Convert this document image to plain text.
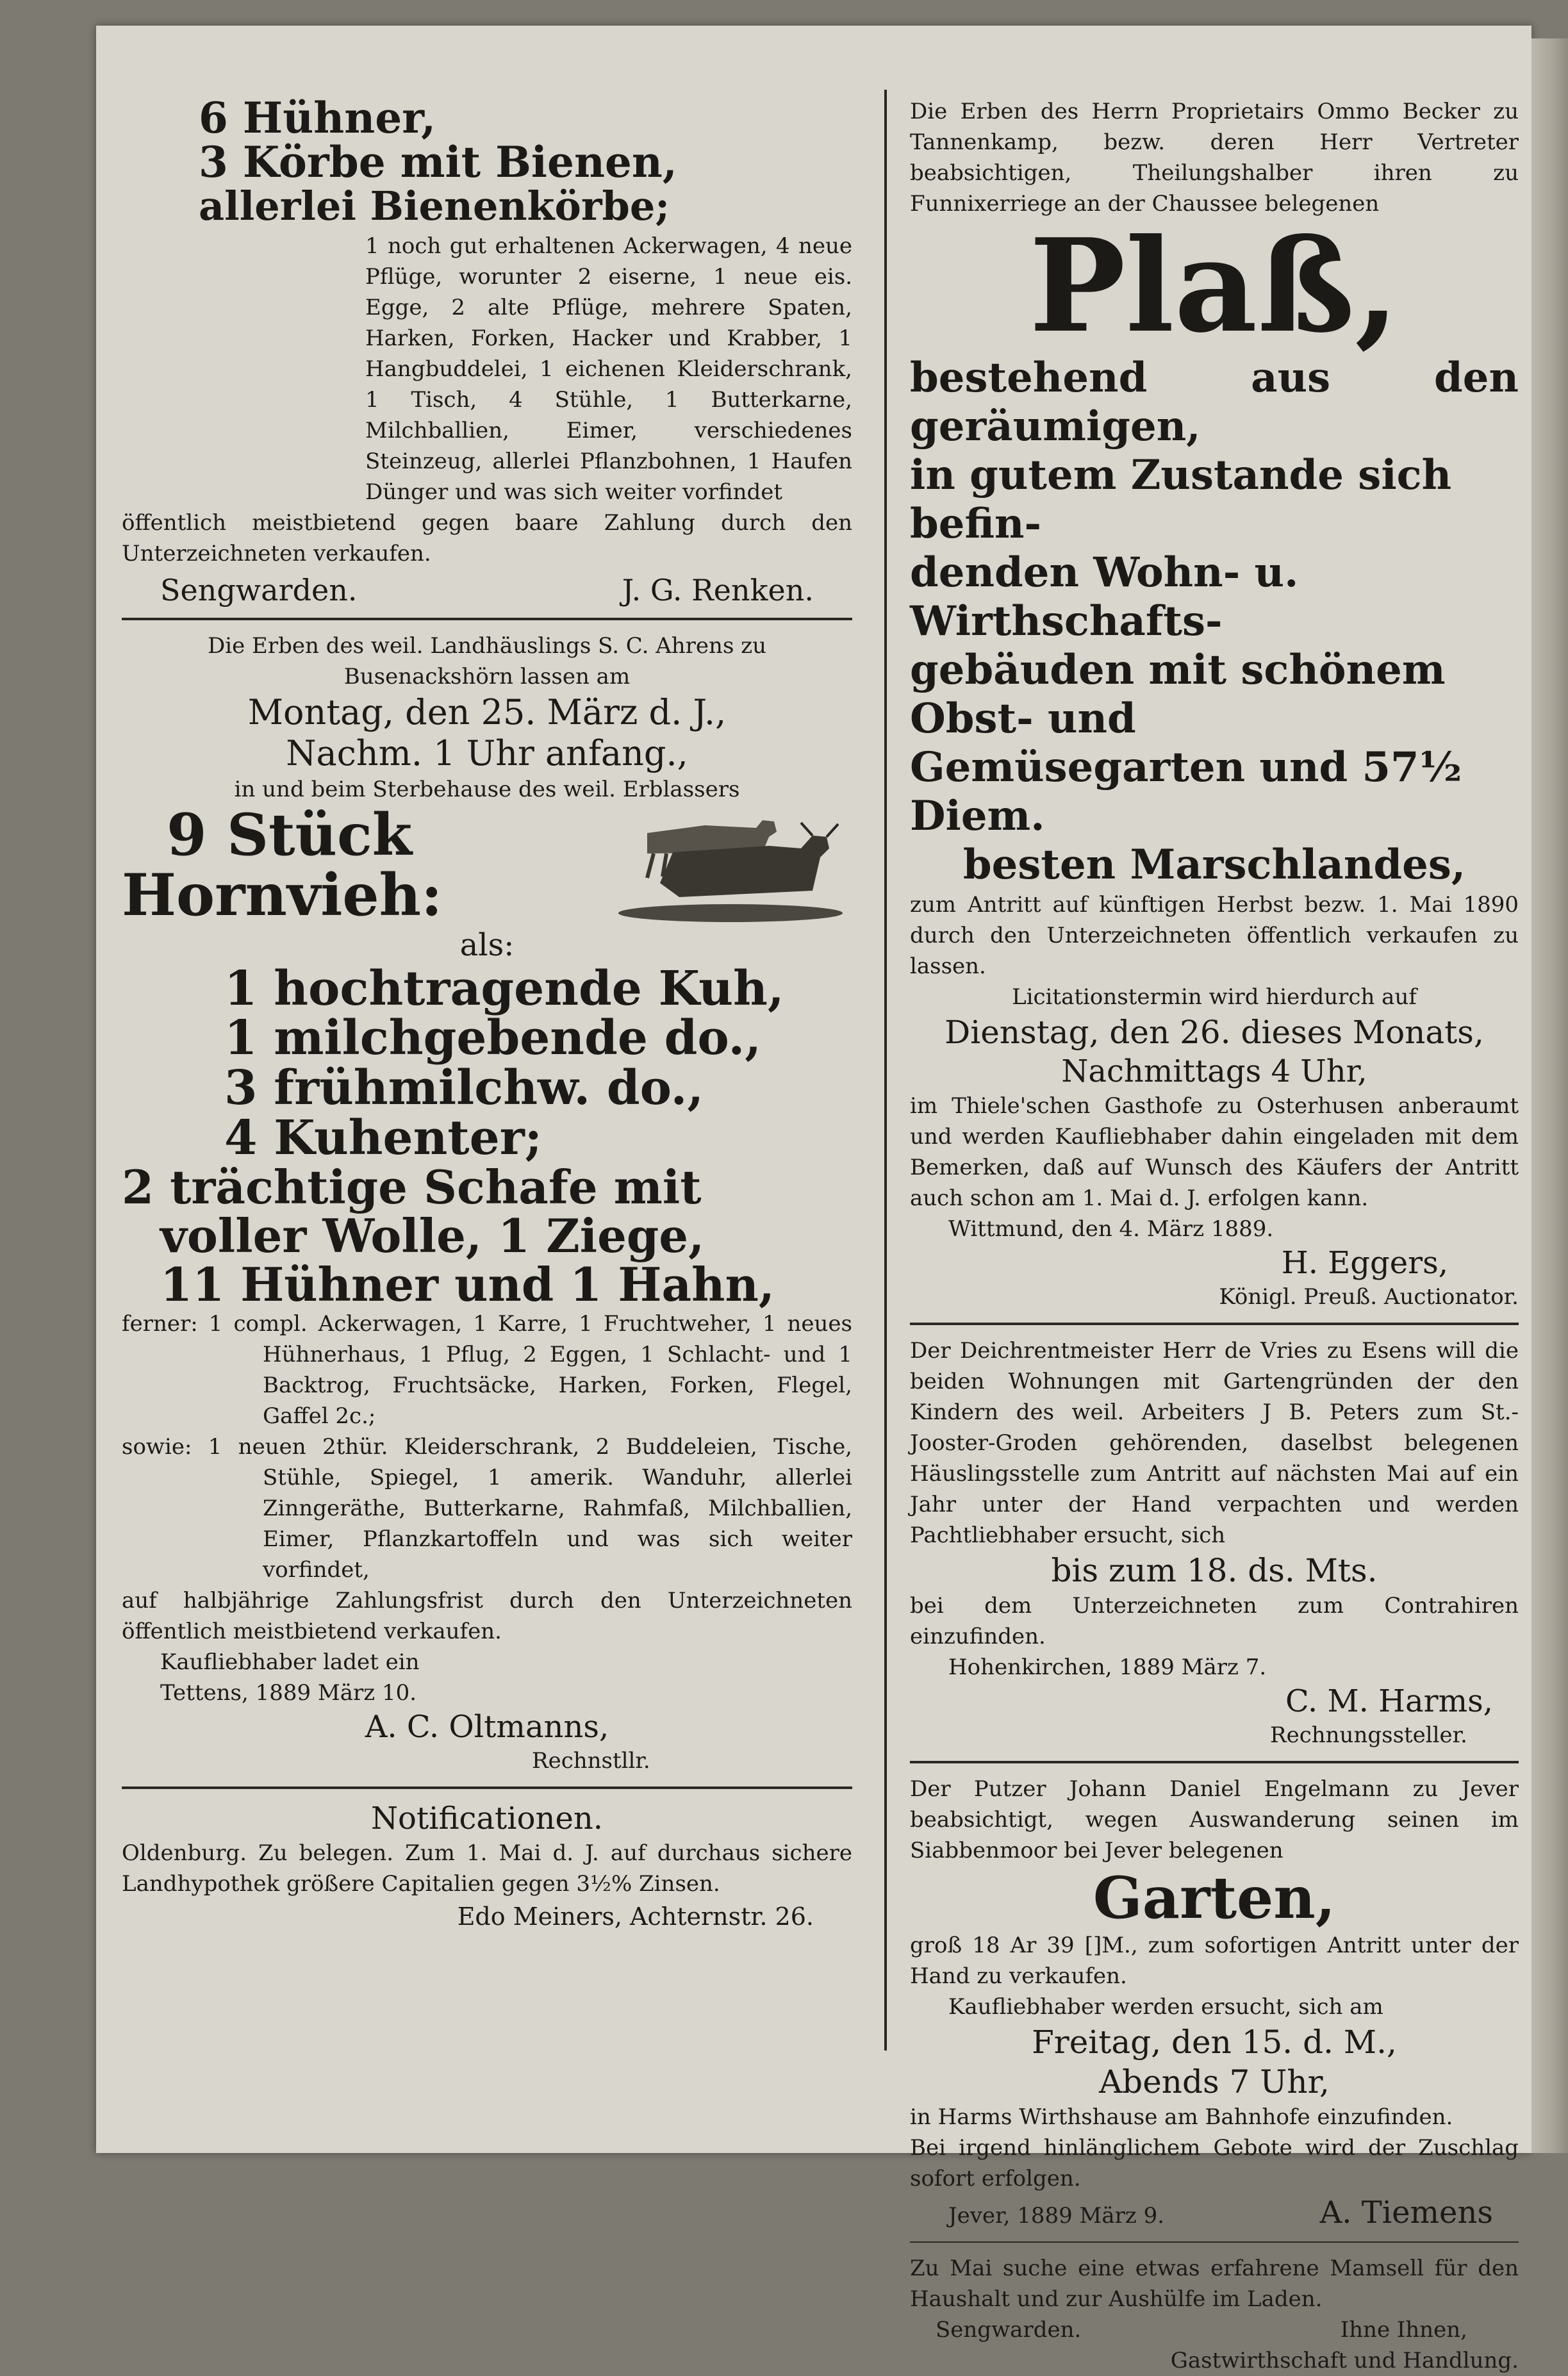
6 Hühner,

3 Körbe mit Bienen,

allerlei Bienenkörbe;

1 noch gut erhaltenen Ackerwagen, 4 neue Pflüge, worunter 2 eiserne, 1 neue eis. Egge, 2 alte Pflüge, mehrere Spaten, Harken, Forken, Hacker und Krabber, 1 Hangbuddelei, 1 eichenen Kleiderschrank, 1 Tisch, 4 Stühle, 1 Butterkarne, Milchballien, Eimer, verschiedenes Steinzeug, allerlei Pflanzbohnen, 1 Haufen Dünger und was sich weiter vorfindet

öffentlich meistbietend gegen baare Zahlung durch den Unterzeichneten verkaufen.

Sengwarden.	J. G. Renken.

Die Erben des weil. Landhäuslings S. C. Ahrens zu Busenackshörn lassen am

Montag, den 25. März d. J.,

Nachm. 1 Uhr anfang.,

in und beim Sterbehause des weil. Erblassers

9 Stück

Hornvieh:

als:

1 hochtragende Kuh,

1 milchgebende do.,

3 frühmilchw. do.,

4 Kuhenter;

2 trächtige Schafe mit

voller Wolle, 1 Ziege,

11 Hühner und 1 Hahn,

ferner: 1 compl. Ackerwagen, 1 Karre, 1 Fruchtweher, 1 neues Hühnerhaus, 1 Pflug, 2 Eggen, 1 Schlacht- und 1 Backtrog, Fruchtsäcke, Harken, Forken, Flegel, Gaffel 2c.;

sowie: 1 neuen 2thür. Kleiderschrank, 2 Buddeleien, Tische, Stühle, Spiegel, 1 amerik. Wanduhr, allerlei Zinngeräthe, Butterkarne, Rahmfaß, Milchballien, Eimer, Pflanzkartoffeln und was sich weiter vorfindet,

auf halbjährige Zahlungsfrist durch den Unterzeichneten öffentlich meistbietend verkaufen.

Kaufliebhaber ladet ein

Tettens, 1889 März 10.

A. C. Oltmanns,

Rechnstllr.

Notificationen.

Oldenburg. Zu belegen. Zum 1. Mai d. J. auf durchaus sichere Landhypothek größere Capitalien gegen 3½% Zinsen.

Edo Meiners, Achternstr. 26.

Die Erben des Herrn Proprietairs Ommo Becker zu Tannenkamp, bezw. deren Herr Vertreter beabsichtigen, Theilungshalber ihren zu Funnixerriege an der Chaussee belegenen

Plaß,

bestehend aus den geräumigen,

in gutem Zustande sich befin-

denden Wohn- u. Wirthschafts-

gebäuden mit schönem Obst- und

Gemüsegarten und 57½ Diem.

besten Marschlandes,

zum Antritt auf künftigen Herbst bezw. 1. Mai 1890 durch den Unterzeichneten öffentlich verkaufen zu lassen.

Licitationstermin wird hierdurch auf

Dienstag, den 26. dieses Monats,

Nachmittags 4 Uhr,

im Thiele'schen Gasthofe zu Osterhusen anberaumt und werden Kaufliebhaber dahin eingeladen mit dem Bemerken, daß auf Wunsch des Käufers der Antritt auch schon am 1. Mai d. J. erfolgen kann.

Wittmund, den 4. März 1889.

H. Eggers,

Königl. Preuß. Auctionator.

Der Deichrentmeister Herr de Vries zu Esens will die beiden Wohnungen mit Gartengründen der den Kindern des weil. Arbeiters J B. Peters zum St.-Jooster-Groden gehörenden, daselbst belegenen Häuslingsstelle zum Antritt auf nächsten Mai auf ein Jahr unter der Hand verpachten und werden Pachtliebhaber ersucht, sich

bis zum 18. ds. Mts.

bei dem Unterzeichneten zum Contrahiren einzufinden.

Hohenkirchen, 1889 März 7.

C. M. Harms,

Rechnungssteller.

Der Putzer Johann Daniel Engelmann zu Jever beabsichtigt, wegen Auswanderung seinen im Siabbenmoor bei Jever belegenen

Garten,

groß 18 Ar 39 []M., zum sofortigen Antritt unter der Hand zu verkaufen.

Kaufliebhaber werden ersucht, sich am

Freitag, den 15. d. M.,

Abends 7 Uhr,

in Harms Wirthshause am Bahnhofe einzufinden.

Bei irgend hinlänglichem Gebote wird der Zuschlag sofort erfolgen.

Jever, 1889 März 9.	A. Tiemens

Zu Mai suche eine etwas erfahrene Mamsell für den Haushalt und zur Aushülfe im Laden.

Sengwarden.	Ihne Ihnen,

Gastwirthschaft und Handlung.
